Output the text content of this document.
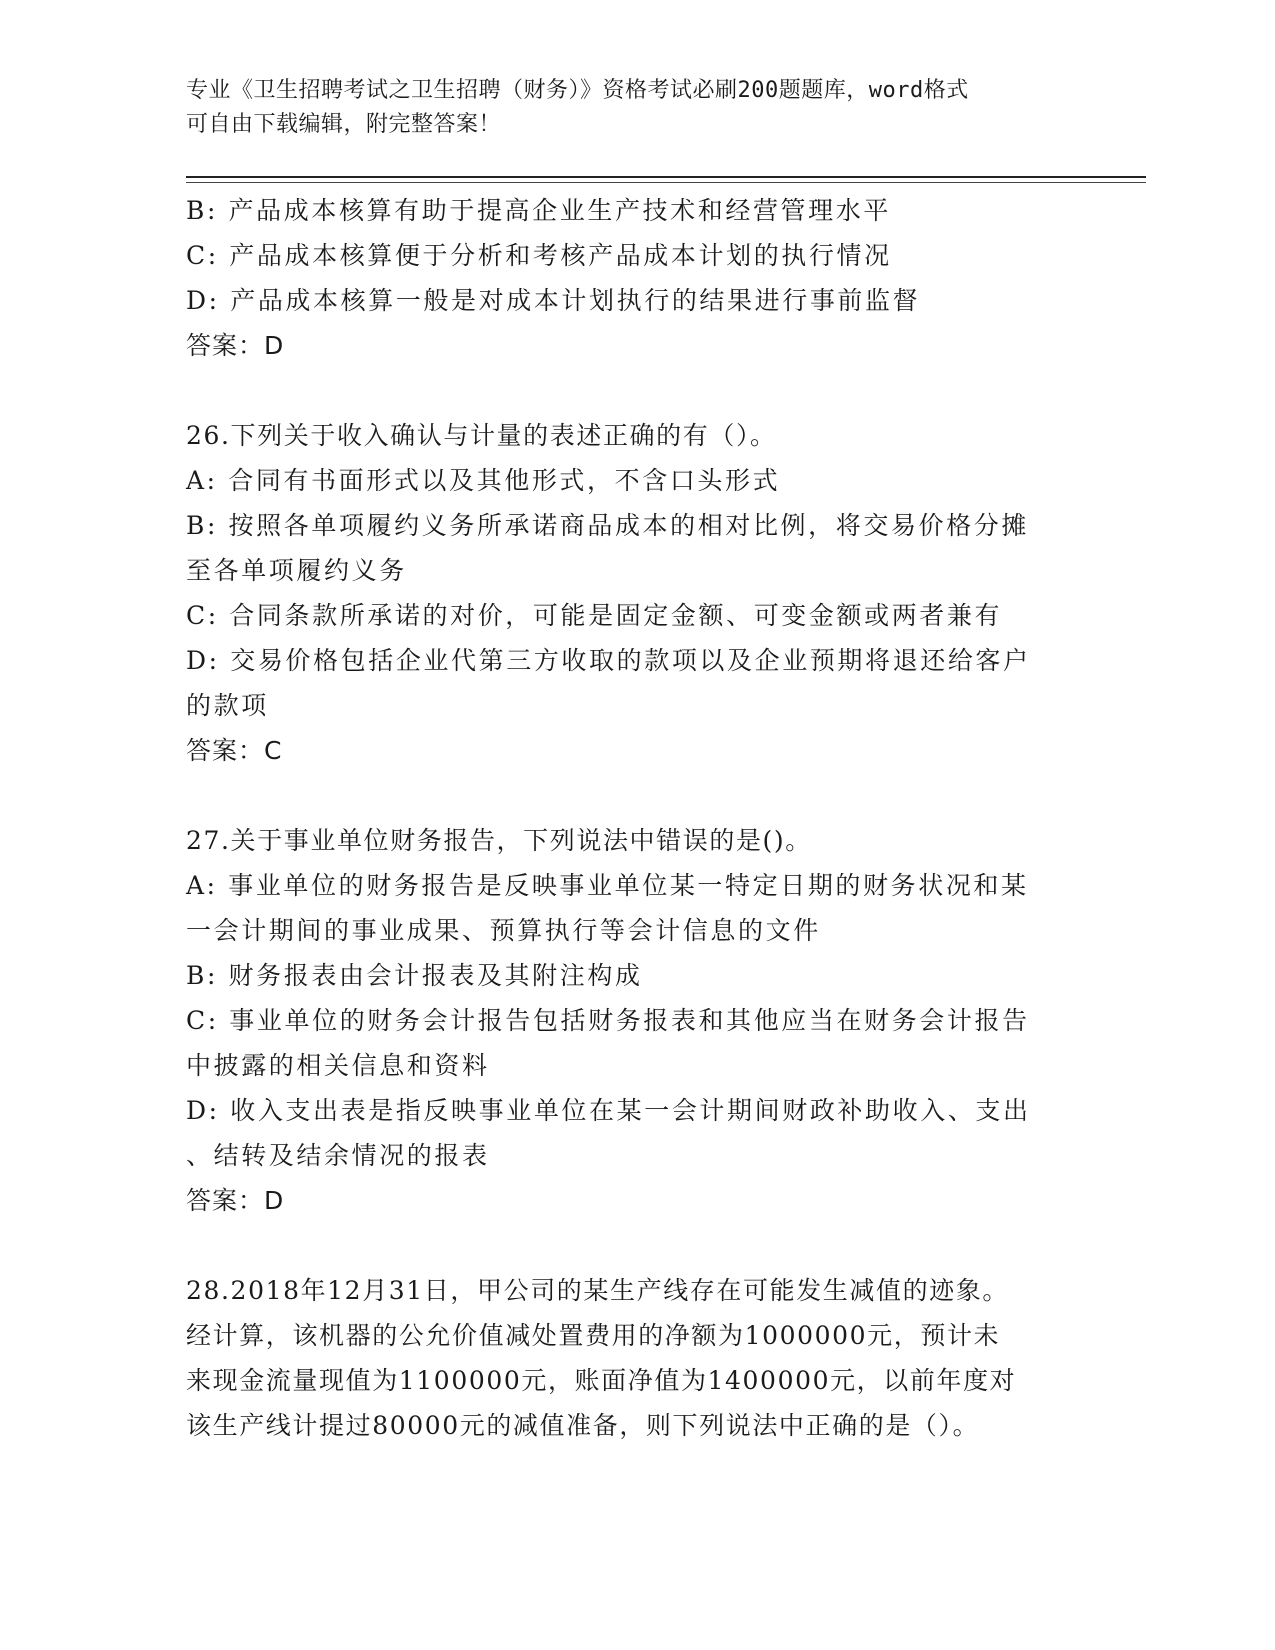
专业《卫生招聘考试之卫生招聘（财务）》资格考试必刷200题题库，word格式
可自由下载编辑，附完整答案！
B: 产品成本核算有助于提高企业生产技术和经营管理水平
C: 产品成本核算便于分析和考核产品成本计划的执行情况
D: 产品成本核算一般是对成本计划执行的结果进行事前监督
答案：D
26.下列关于收入确认与计量的表述正确的有（）。
A: 合同有书面形式以及其他形式，不含口头形式
B: 按照各单项履约义务所承诺商品成本的相对比例，将交易价格分摊
至各单项履约义务
C: 合同条款所承诺的对价，可能是固定金额、可变金额或两者兼有
D: 交易价格包括企业代第三方收取的款项以及企业预期将退还给客户
的款项
答案：C
27.关于事业单位财务报告，下列说法中错误的是()。
A: 事业单位的财务报告是反映事业单位某一特定日期的财务状况和某
一会计期间的事业成果、预算执行等会计信息的文件
B: 财务报表由会计报表及其附注构成
C: 事业单位的财务会计报告包括财务报表和其他应当在财务会计报告
中披露的相关信息和资料
D: 收入支出表是指反映事业单位在某一会计期间财政补助收入、支出
、结转及结余情况的报表
答案：D
28.2018年12月31日，甲公司的某生产线存在可能发生减值的迹象。
经计算，该机器的公允价值减处置费用的净额为1000000元，预计未
来现金流量现值为1100000元，账面净值为1400000元，以前年度对
该生产线计提过80000元的减值准备，则下列说法中正确的是（）。
